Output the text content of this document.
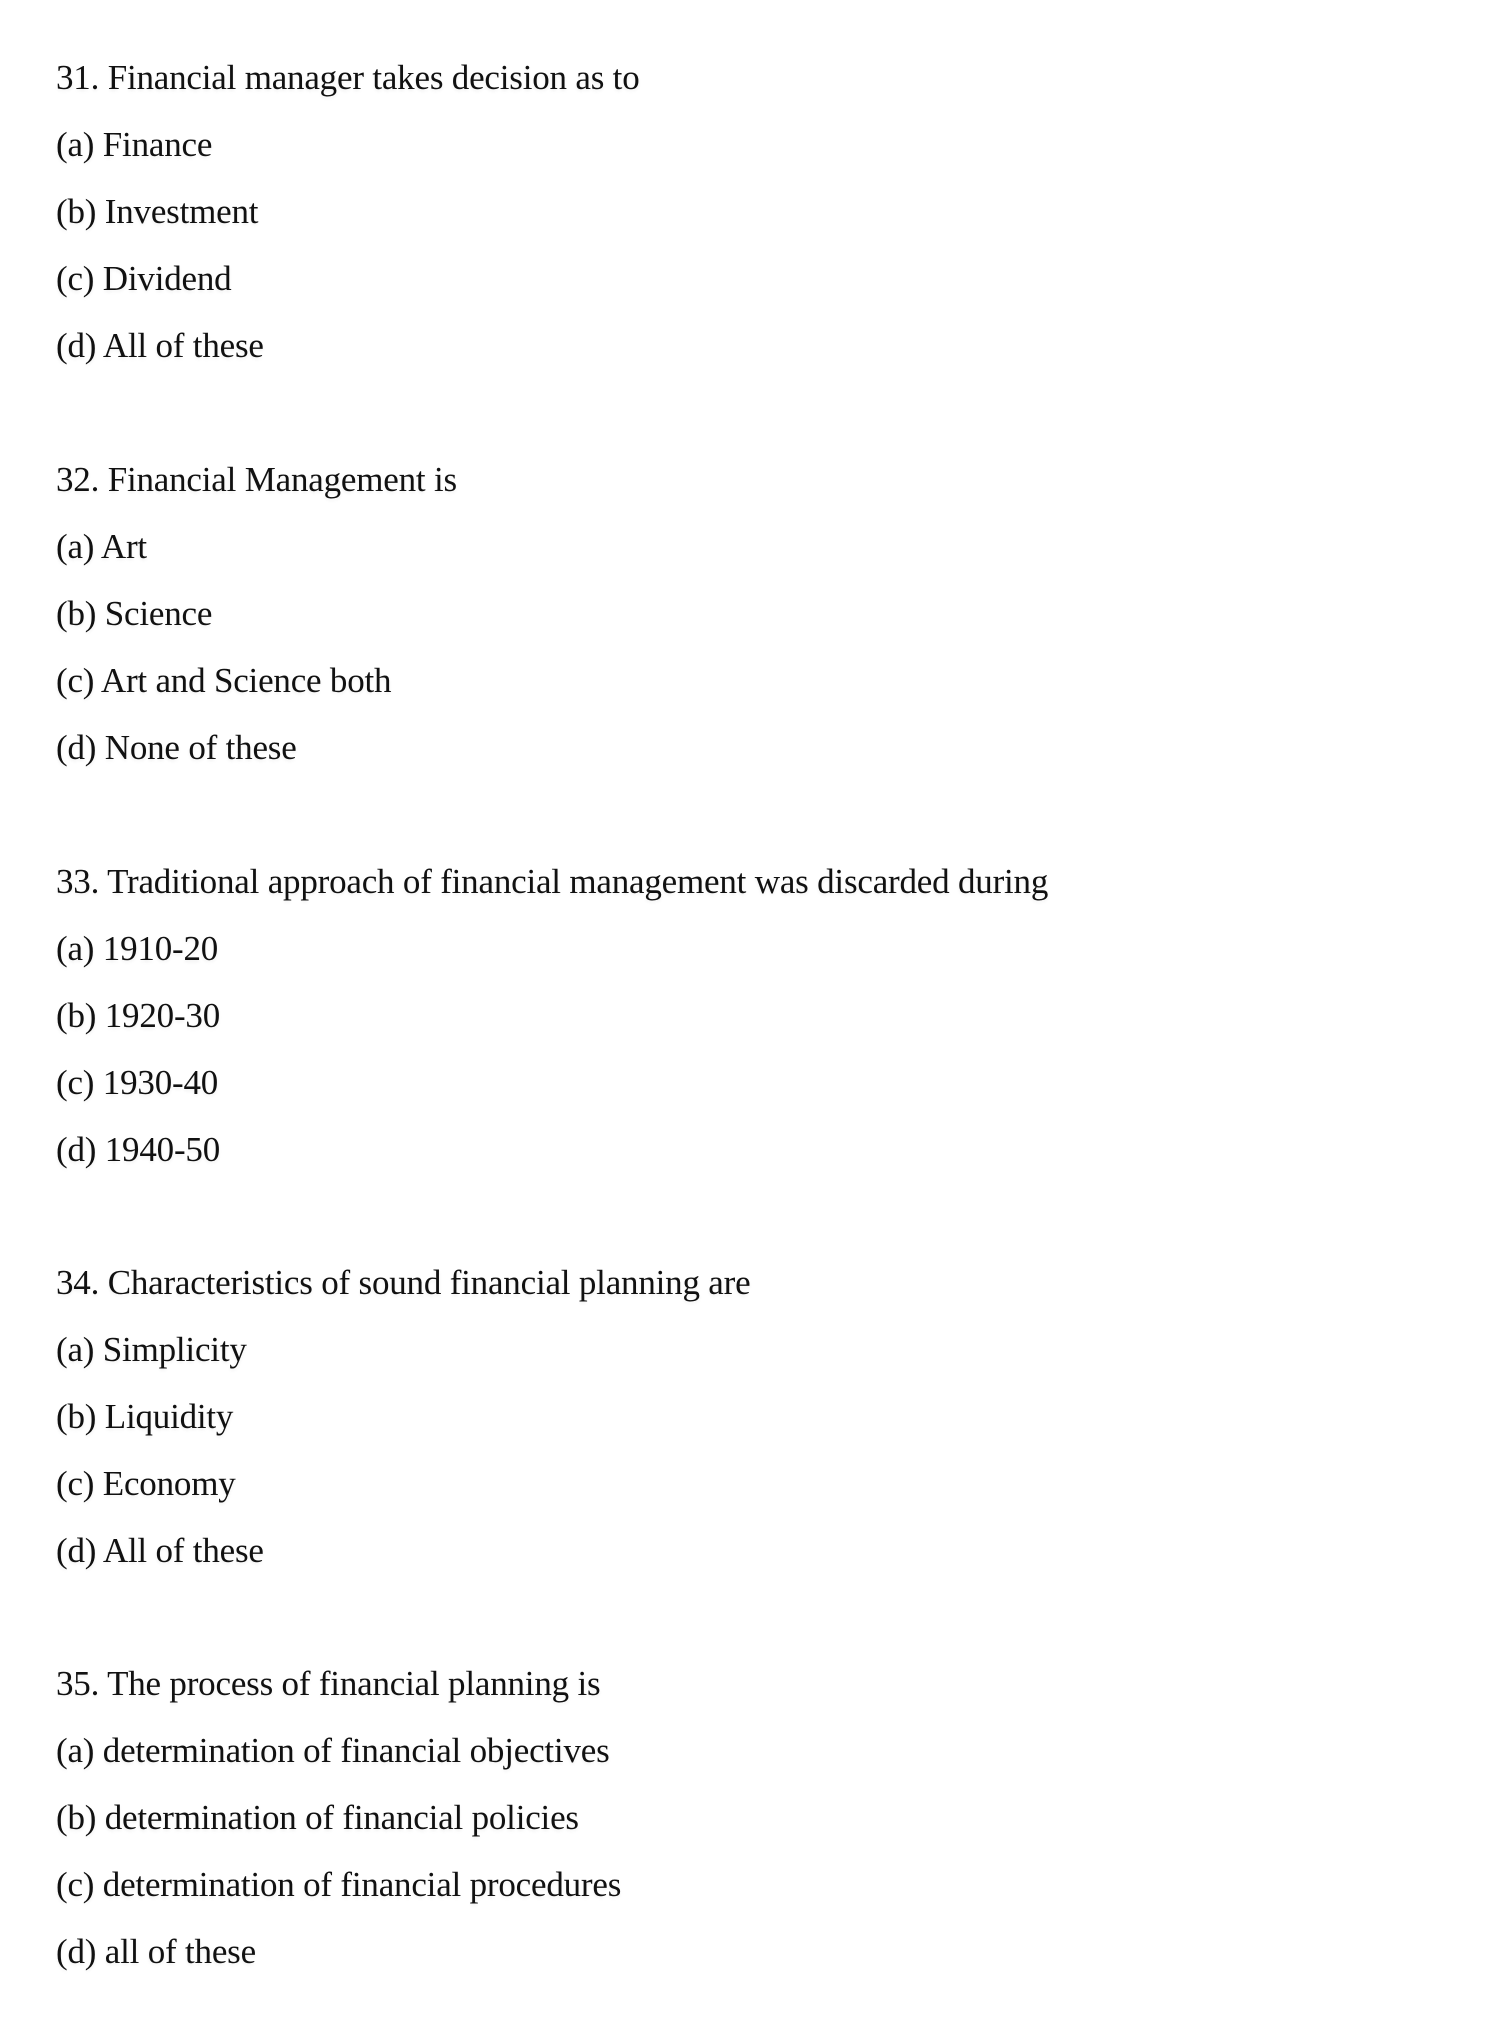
31. Financial manager takes decision as to
(a) Finance
(b) Investment
(c) Dividend
(d) All of these
32. Financial Management is
(a) Art
(b) Science
(c) Art and Science both
(d) None of these
33. Traditional approach of financial management was discarded during
(a) 1910-20
(b) 1920-30
(c) 1930-40
(d) 1940-50
34. Characteristics of sound financial planning are
(a) Simplicity
(b) Liquidity
(c) Economy
(d) All of these
35. The process of financial planning is
(a) determination of financial objectives
(b) determination of financial policies
(c) determination of financial procedures
(d) all of these
